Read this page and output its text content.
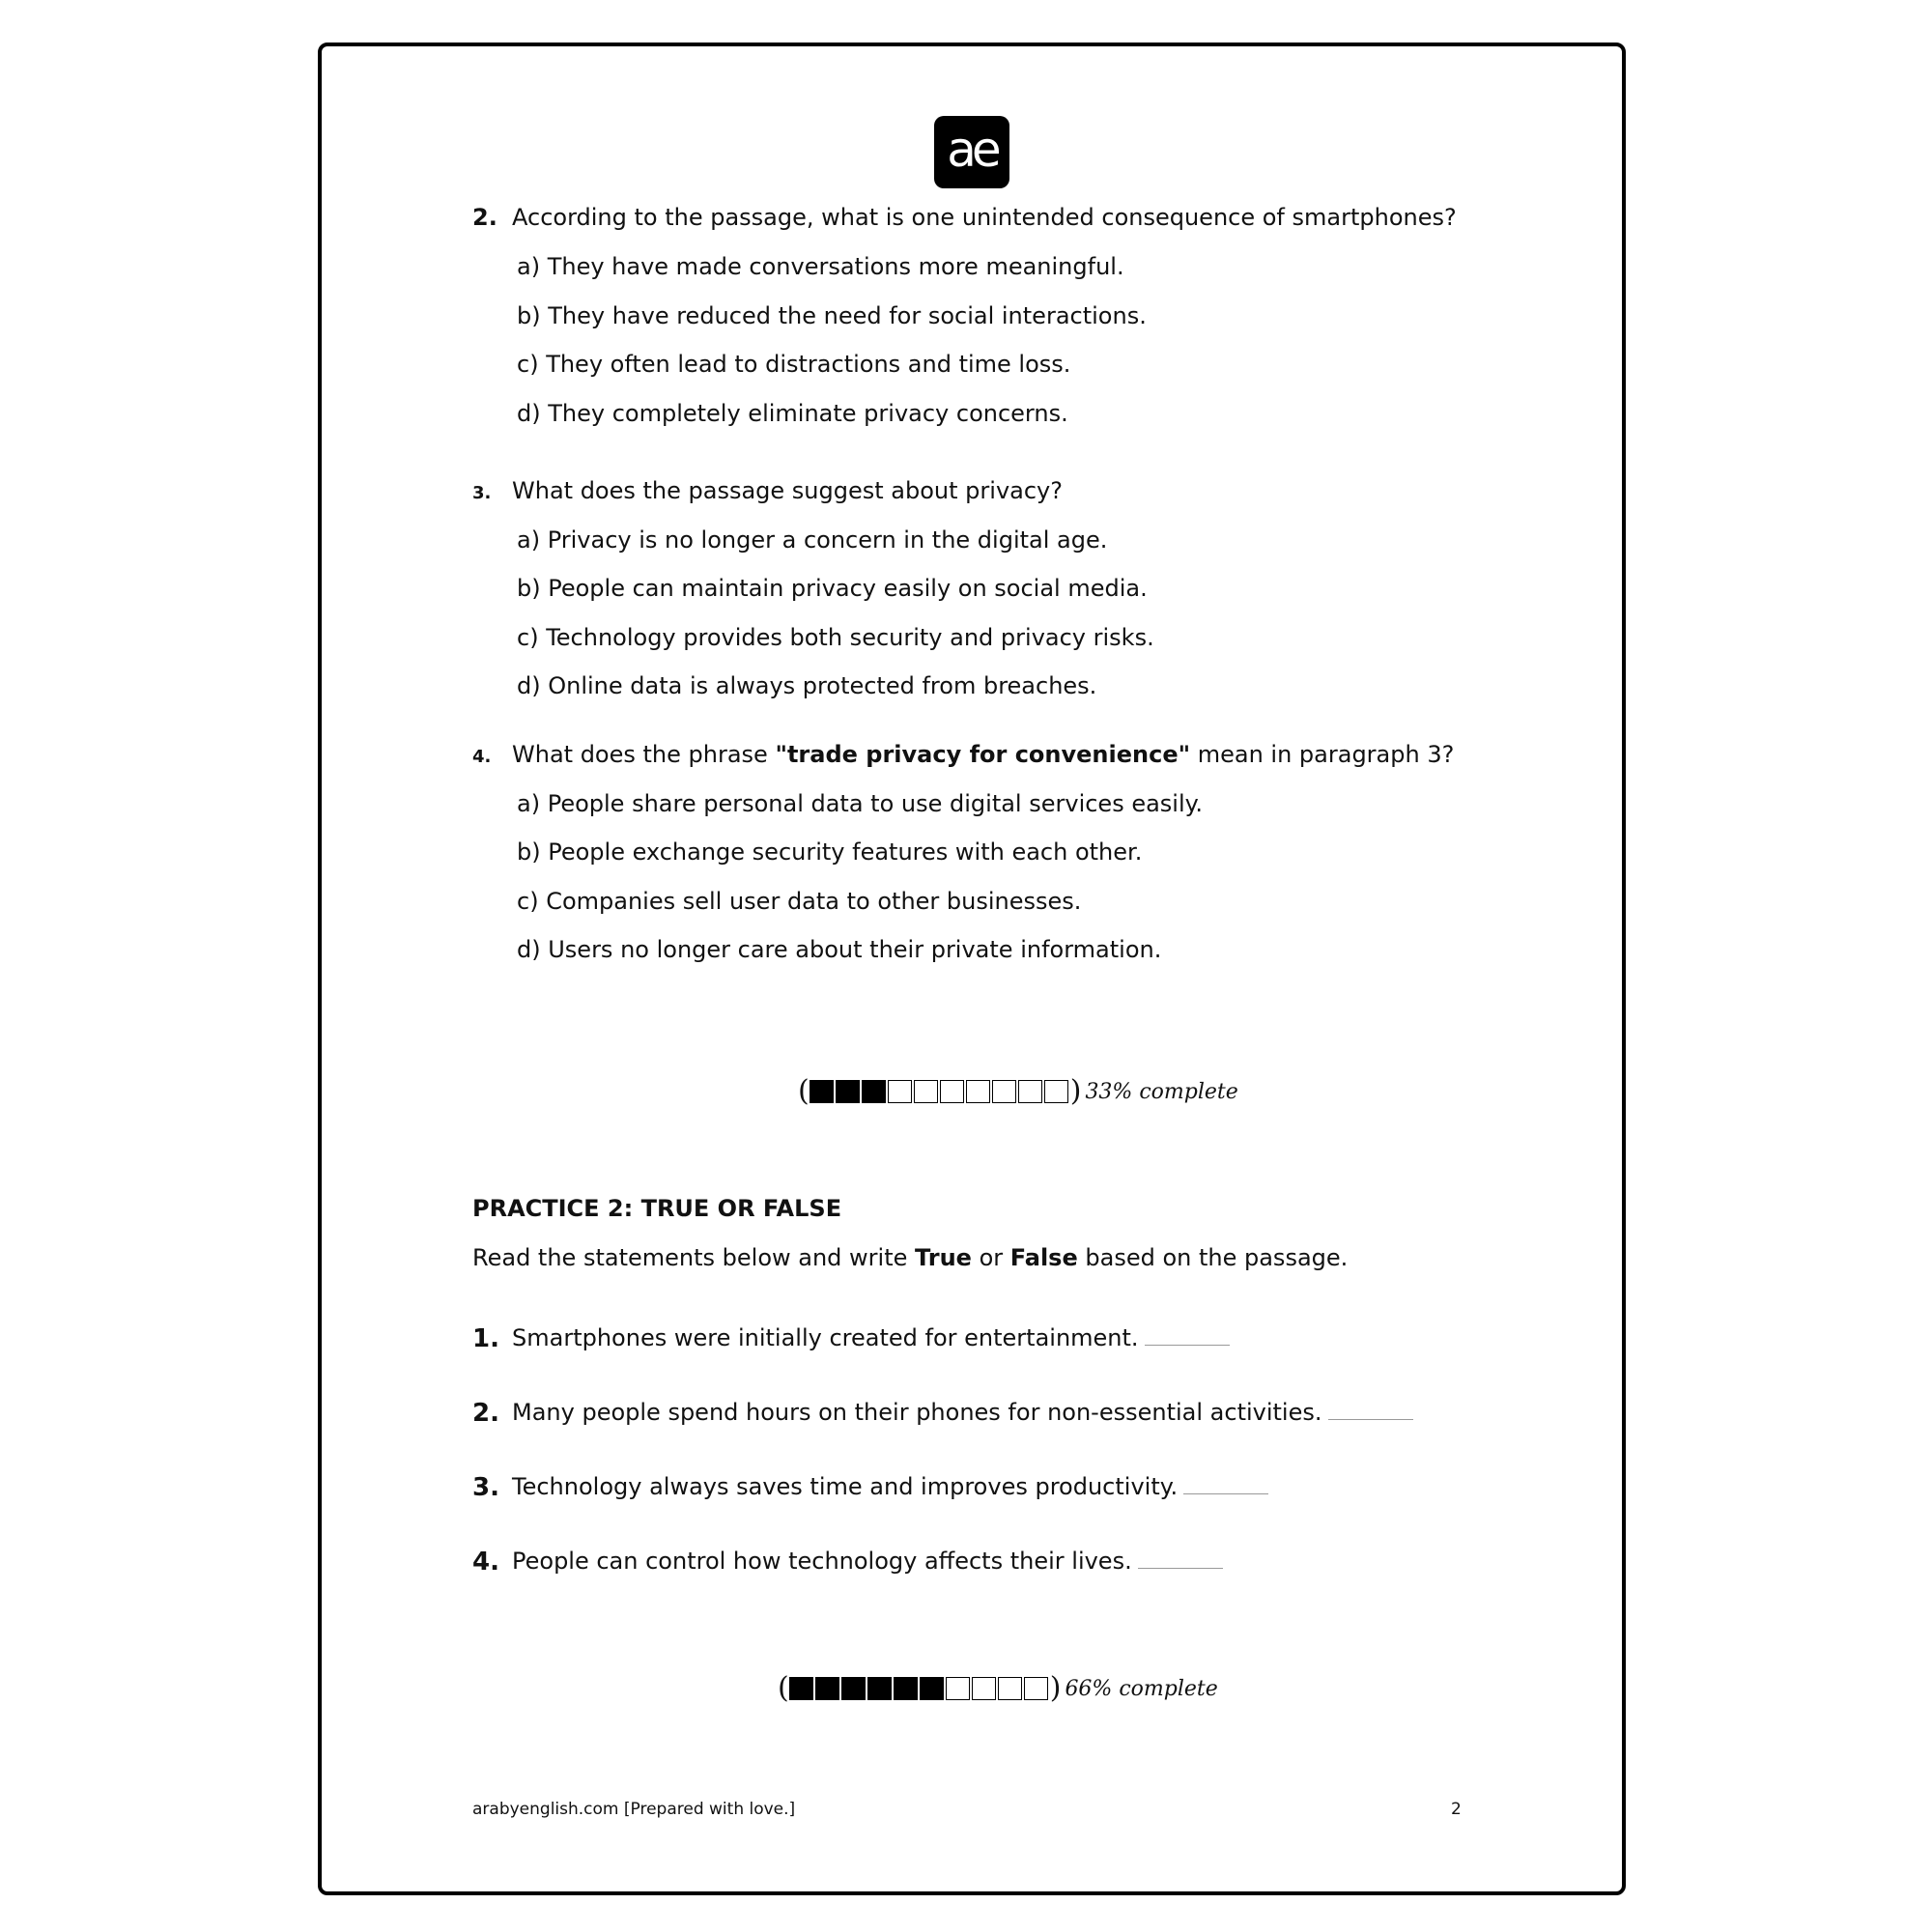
ae
2. According to the passage, what is one unintended consequence of smartphones?
a) They have made conversations more meaningful.
b) They have reduced the need for social interactions.
c) They often lead to distractions and time loss.
d) They completely eliminate privacy concerns.
3. What does the passage suggest about privacy?
a) Privacy is no longer a concern in the digital age.
b) People can maintain privacy easily on social media.
c) Technology provides both security and privacy risks.
d) Online data is always protected from breaches.
4. What does the phrase "trade privacy for convenience" mean in paragraph 3?
a) People share personal data to use digital services easily.
b) People exchange security features with each other.
c) Companies sell user data to other businesses.
d) Users no longer care about their private information.
PRACTICE 2: TRUE OR FALSE
Read the statements below and write True or False based on the passage.
1. Smartphones were initially created for entertainment.
2. Many people spend hours on their phones for non-essential activities.
3. Technology always saves time and improves productivity.
4. People can control how technology affects their lives.
(	) 33% complete
(	) 66% complete
arabyenglish.com [Prepared with love.]	2
